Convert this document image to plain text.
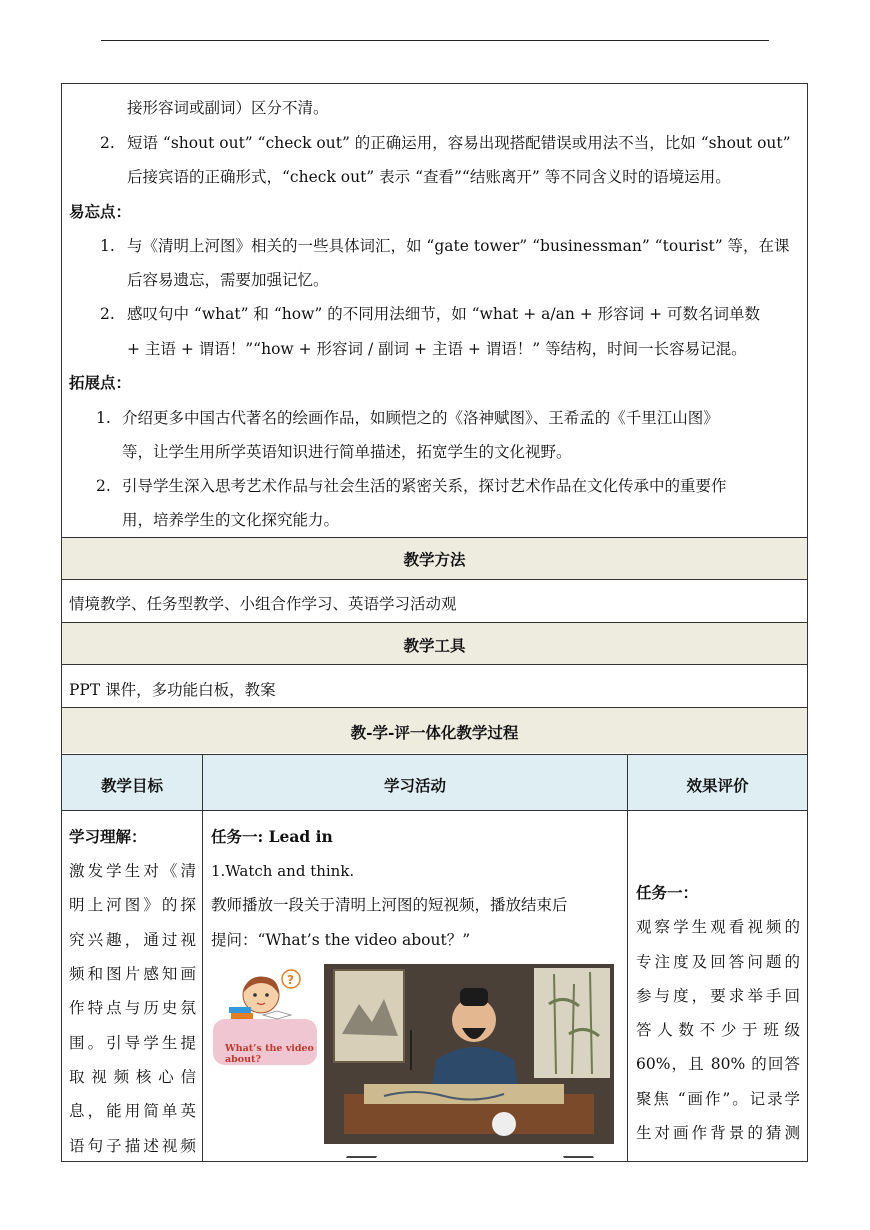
接形容词或副词）区分不清。
2. 短语 “shout out” “check out” 的正确运用，容易出现搭配错误或用法不当，比如 “shout out”
后接宾语的正确形式，“check out” 表示 “查看”“结账离开” 等不同含义时的语境运用。
易忘点：
1. 与《清明上河图》相关的一些具体词汇，如 “gate tower” “businessman” “tourist” 等，在课
后容易遗忘，需要加强记忆。
2. 感叹句中 “what” 和 “how” 的不同用法细节，如 “what + a/an + 形容词 + 可数名词单数
+ 主语 + 谓语！”“how + 形容词 / 副词 + 主语 + 谓语！” 等结构，时间一长容易记混。
拓展点：
1. 介绍更多中国古代著名的绘画作品，如顾恺之的《洛神赋图》、王希孟的《千里江山图》
等，让学生用所学英语知识进行简单描述，拓宽学生的文化视野。
2. 引导学生深入思考艺术作品与社会生活的紧密关系，探讨艺术作品在文化传承中的重要作
用，培养学生的文化探究能力。
教学方法
情境教学、任务型教学、小组合作学习、英语学习活动观
教学工具
PPT 课件，多功能白板，教案
教-学-评一体化教学过程
教学目标	学习活动	效果评价
学习理解：
激发学生对《清
明上河图》的探
究兴趣，通过视
频和图片感知画
作特点与历史氛
围。引导学生提
取视频核心信
息，能用简单英
语句子描述视频
任务一: Lead in
1.Watch and think.
教师播放一段关于清明上河图的短视频，播放结束后
提问：“What’s the video about？”
What’s the video
about?
?
任务一：
观察学生观看视频的
专注度及回答问题的
参与度，要求举手回
答人数不少于班级
60%，且 80% 的回答
聚焦 “画作”。记录学
生对画作背景的猜测
